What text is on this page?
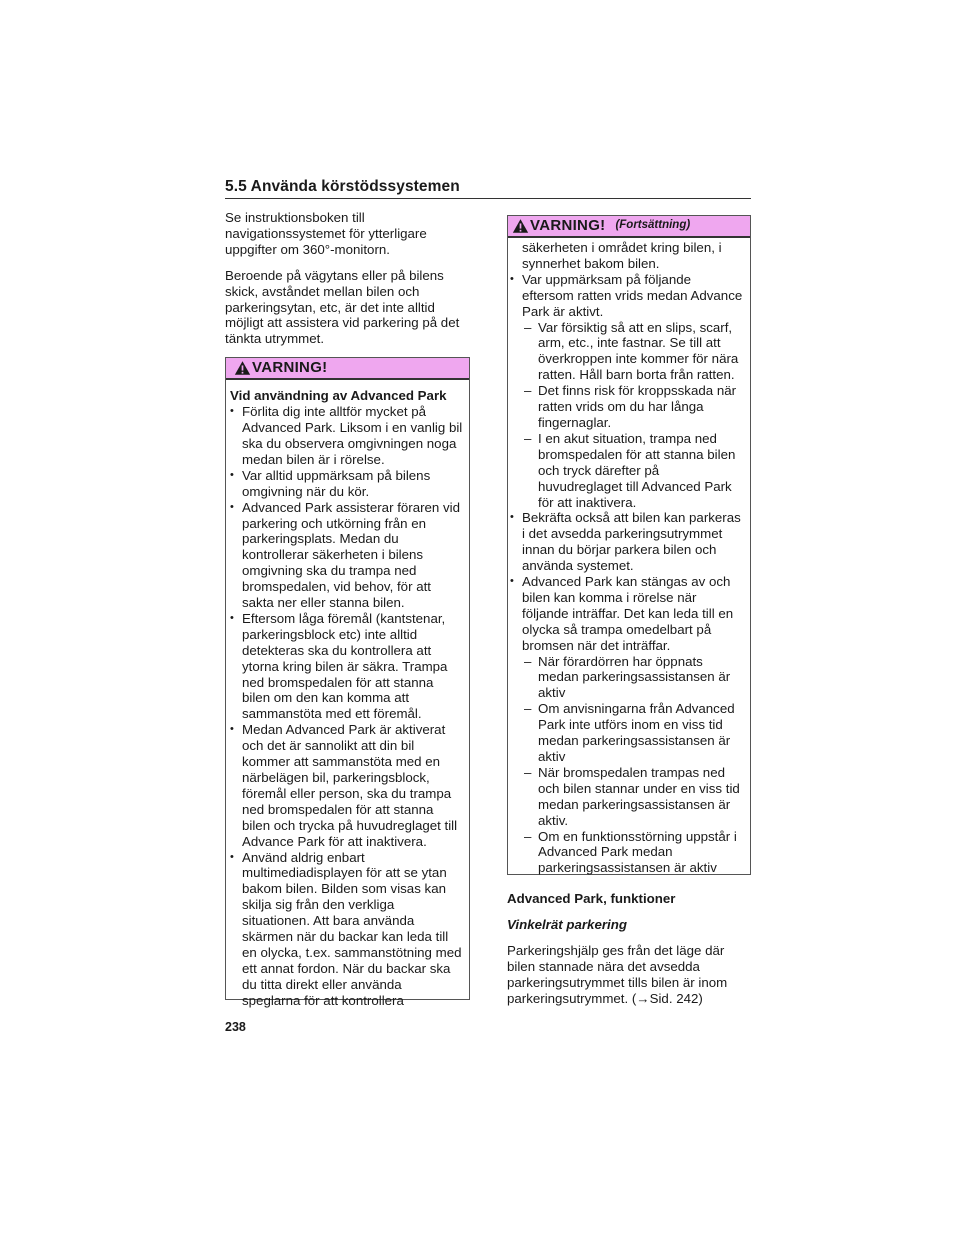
5.5 Använda körstödssystemen

Se instruktionsboken till navigationssystemet för ytterligare uppgifter om 360°-monitorn.

Beroende på vägytans eller på bilens skick, avståndet mellan bilen och parkeringsytan, etc, är det inte alltid möjligt att assistera vid parkering på det tänkta utrymmet.

VARNING!
Vid användning av Advanced Park
• Förlita dig inte alltför mycket på Advanced Park. Liksom i en vanlig bil ska du observera omgivningen noga medan bilen är i rörelse.
• Var alltid uppmärksam på bilens omgivning när du kör.
• Advanced Park assisterar föraren vid parkering och utkörning från en parkeringsplats. Medan du kontrollerar säkerheten i bilens omgivning ska du trampa ned bromspedalen, vid behov, för att sakta ner eller stanna bilen.
• Eftersom låga föremål (kantstenar, parkeringsblock etc) inte alltid detekteras ska du kontrollera att ytorna kring bilen är säkra. Trampa ned bromspedalen för att stanna bilen om den kan komma att sammanstöta med ett föremål.
• Medan Advanced Park är aktiverat och det är sannolikt att din bil kommer att sammanstöta med en närbelägen bil, parkeringsblock, föremål eller person, ska du trampa ned bromspedalen för att stanna bilen och trycka på huvudreglaget till Advance Park för att inaktivera.
• Använd aldrig enbart multimediadisplayen för att se ytan bakom bilen. Bilden som visas kan skilja sig från den verkliga situationen. Att bara använda skärmen när du backar kan leda till en olycka, t.ex. sammanstötning med ett annat fordon. När du backar ska du titta direkt eller använda speglarna för att kontrollera
VARNING! (Fortsättning)
säkerheten i området kring bilen, i synnerhet bakom bilen.
• Var uppmärksam på följande eftersom ratten vrids medan Advance Park är aktivt.
– Var försiktig så att en slips, scarf, arm, etc., inte fastnar. Se till att överkroppen inte kommer för nära ratten. Håll barn borta från ratten.
– Det finns risk för kroppsskada när ratten vrids om du har långa fingernaglar.
– I en akut situation, trampa ned bromspedalen för att stanna bilen och tryck därefter på huvudreglaget till Advanced Park för att inaktivera.
• Bekräfta också att bilen kan parkeras i det avsedda parkeringsutrymmet innan du börjar parkera bilen och använda systemet.
• Advanced Park kan stängas av och bilen kan komma i rörelse när följande inträffar. Det kan leda till en olycka så trampa omedelbart på bromsen när det inträffar.
– När förardörren har öppnats medan parkeringsassistansen är aktiv
– Om anvisningarna från Advanced Park inte utförs inom en viss tid medan parkeringsassistansen är aktiv
– När bromspedalen trampas ned och bilen stannar under en viss tid medan parkeringsassistansen är aktiv.
– Om en funktionsstörning uppstår i Advanced Park medan parkeringsassistansen är aktiv
Advanced Park, funktioner
Vinkelrät parkering

Parkeringshjälp ges från det läge där bilen stannade nära det avsedda parkeringsutrymmet tills bilen är inom parkeringsutrymmet. (→Sid. 242)

238
